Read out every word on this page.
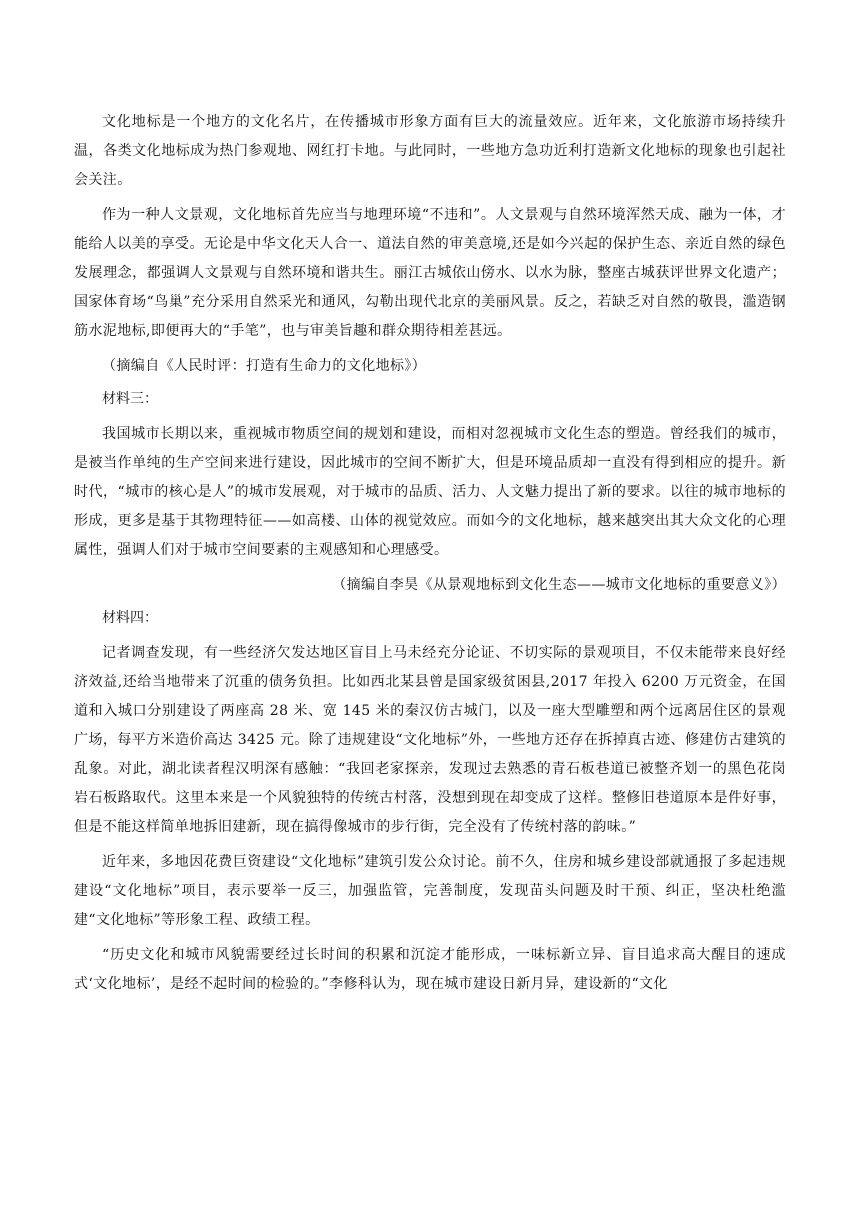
文化地标是一个地方的文化名片，在传播城市形象方面有巨大的流量效应。近年来，文化旅游市场持续升温，各类文化地标成为热门参观地、网红打卡地。与此同时，一些地方急功近利打造新文化地标的现象也引起社会关注。

作为一种人文景观，文化地标首先应当与地理环境“不违和”。人文景观与自然环境浑然天成、融为一体，才能给人以美的享受。无论是中华文化天人合一、道法自然的审美意境,还是如今兴起的保护生态、亲近自然的绿色发展理念，都强调人文景观与自然环境和谐共生。丽江古城依山傍水、以水为脉，整座古城获评世界文化遗产；国家体育场“鸟巢”充分采用自然采光和通风，勾勒出现代北京的美丽风景。反之，若缺乏对自然的敬畏，滥造钢筋水泥地标,即便再大的“手笔”，也与审美旨趣和群众期待相差甚远。

（摘编自《人民时评：打造有生命力的文化地标》）

材料三：

我国城市长期以来，重视城市物质空间的规划和建设，而相对忽视城市文化生态的塑造。曾经我们的城市，是被当作单纯的生产空间来进行建设，因此城市的空间不断扩大，但是环境品质却一直没有得到相应的提升。新时代，“城市的核心是人”的城市发展观，对于城市的品质、活力、人文魅力提出了新的要求。以往的城市地标的形成，更多是基于其物理特征——如高楼、山体的视觉效应。而如今的文化地标，越来越突出其大众文化的心理属性，强调人们对于城市空间要素的主观感知和心理感受。

（摘编自李昊《从景观地标到文化生态——城市文化地标的重要意义》）

材料四：

记者调查发现，有一些经济欠发达地区盲目上马未经充分论证、不切实际的景观项目，不仅未能带来良好经济效益,还给当地带来了沉重的债务负担。比如西北某县曾是国家级贫困县,2017 年投入 6200 万元资金，在国道和入城口分别建设了两座高 28 米、宽 145 米的秦汉仿古城门，以及一座大型雕塑和两个远离居住区的景观广场，每平方米造价高达 3425 元。除了违规建设“文化地标”外，一些地方还存在拆掉真古迹、修建仿古建筑的乱象。对此，湖北读者程汉明深有感触：“我回老家探亲，发现过去熟悉的青石板巷道已被整齐划一的黑色花岗岩石板路取代。这里本来是一个风貌独特的传统古村落，没想到现在却变成了这样。整修旧巷道原本是件好事，但是不能这样简单地拆旧建新，现在搞得像城市的步行街，完全没有了传统村落的韵味。”

近年来，多地因花费巨资建设“文化地标”建筑引发公众讨论。前不久，住房和城乡建设部就通报了多起违规建设“文化地标”项目，表示要举一反三，加强监管，完善制度，发现苗头问题及时干预、纠正，坚决杜绝滥建“文化地标”等形象工程、政绩工程。

“历史文化和城市风貌需要经过长时间的积累和沉淀才能形成，一味标新立异、盲目追求高大醒目的速成式‘文化地标’，是经不起时间的检验的。”李修科认为，现在城市建设日新月异，建设新的“文化
